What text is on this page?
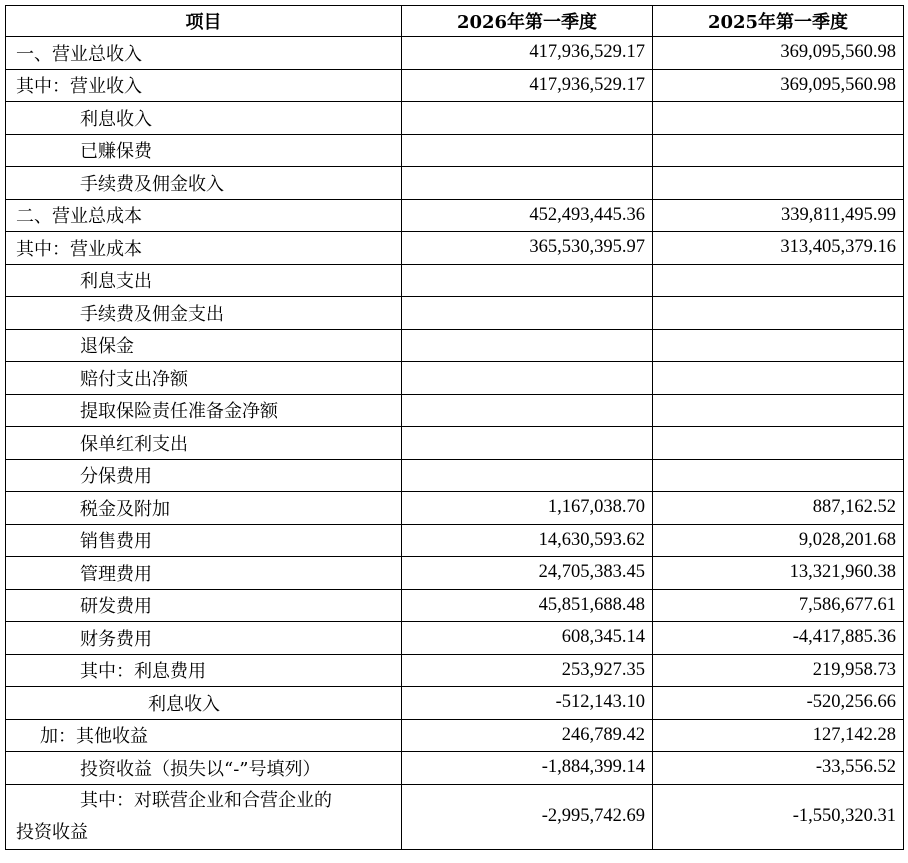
项目	2026年第一季度	2025年第一季度
一、营业总收入	417,936,529.17	369,095,560.98
其中：营业收入	417,936,529.17	369,095,560.98
利息收入		
已赚保费		
手续费及佣金收入		
二、营业总成本	452,493,445.36	339,811,495.99
其中：营业成本	365,530,395.97	313,405,379.16
利息支出		
手续费及佣金支出		
退保金		
赔付支出净额		
提取保险责任准备金净额		
保单红利支出		
分保费用		
税金及附加	1,167,038.70	887,162.52
销售费用	14,630,593.62	9,028,201.68
管理费用	24,705,383.45	13,321,960.38
研发费用	45,851,688.48	7,586,677.61
财务费用	608,345.14	-4,417,885.36
其中：利息费用	253,927.35	219,958.73
利息收入	-512,143.10	-520,256.66
加：其他收益	246,789.42	127,142.28
投资收益（损失以“-”号填列）	-1,884,399.14	-33,556.52

其中：对联营企业和合营企业的
投资收益	-2,995,742.69	-1,550,320.31
